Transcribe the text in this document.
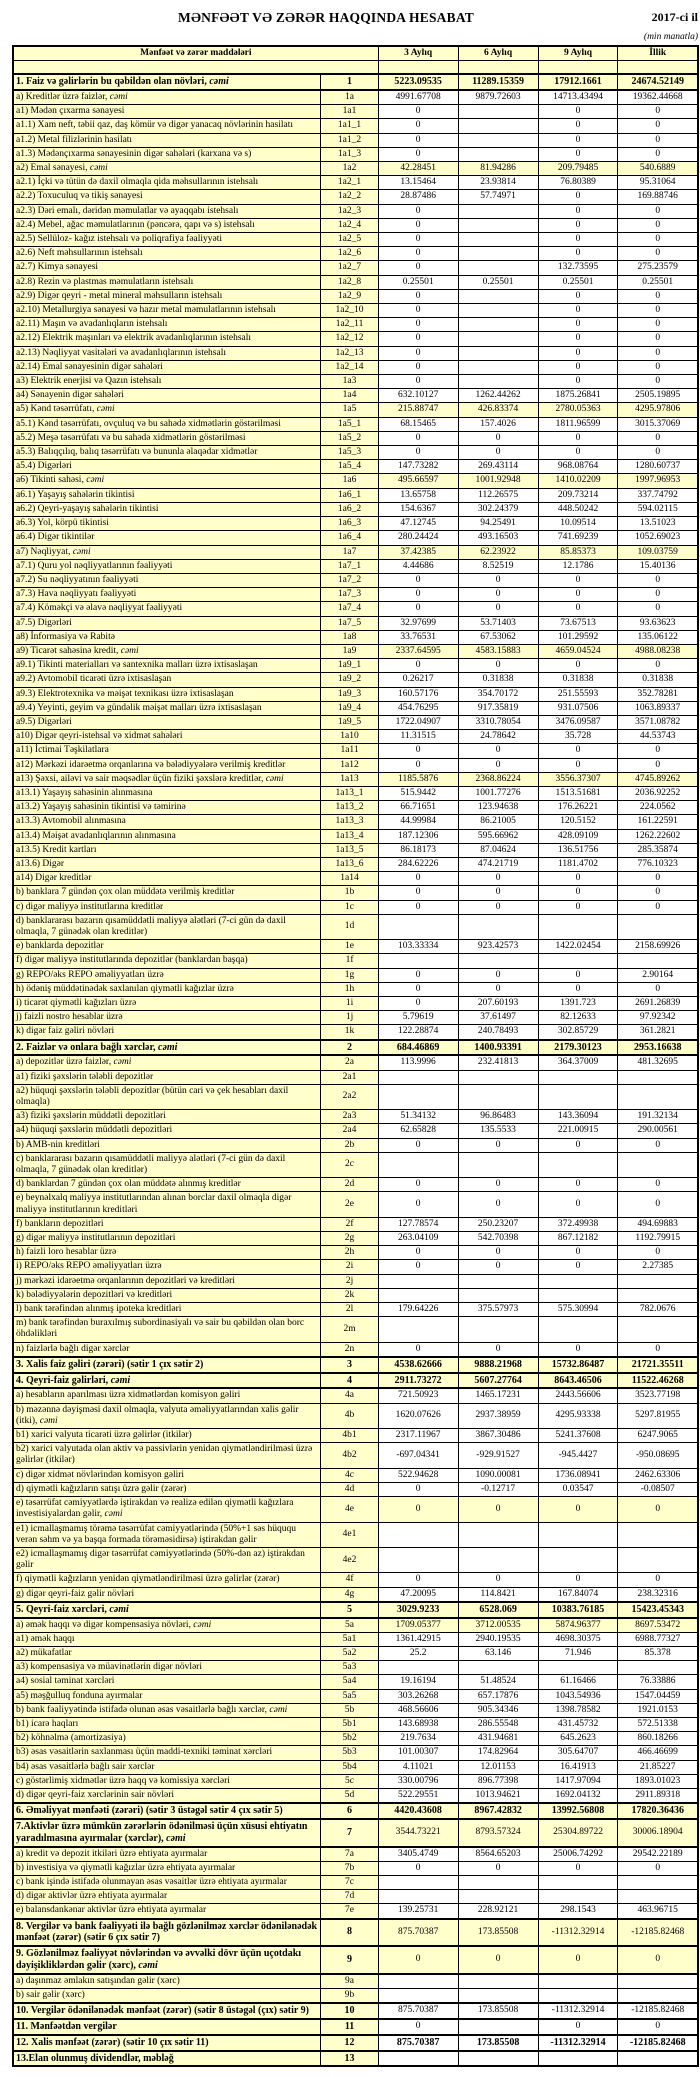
MƏNFƏƏT VƏ ZƏRƏR HAQQINDA HESABAT	2017-ci il
(min manatla)
Mənfəət və zərər maddələri		3 Aylıq	6 Aylıq	9 Aylıq	İllik

1. Faiz və gəlirlərin bu qəbildən olan növləri, cəmi	1	5223.09535	11289.15359	17912.1661	24674.52149
a) Kreditlər üzrə faizlər, cəmi	1a	4991.67708	9879.72603	14713.43494	19362.44668
a1) Mədən çıxarma sənayesi	1a1	0		0	0
a1.1) Xam neft, təbii qaz, daş kömür və digər yanacaq növlərinin hasilatı	1a1_1	0		0	0
a1.2) Metal filizlərinin hasilatı	1a1_2	0		0	0
a1.3) Mədənçıxarma sənayesinin digər sahələri (karxana və s)	1a1_3	0		0	0
a2) Emal sənayesi, cəmi	1a2	42.28451	81.94286	209.79485	540.6889
a2.1) İçki və tütün də daxil olmaqla qida məhsullarının istehsalı	1a2_1	13.15464	23.93814	76.80389	95.31064
a2.2) Toxuculuq və tikiş sənayesi	1a2_2	28.87486	57.74971	0	169.88746
a2.3) Dəri emalı, dəridən məmulatlar və ayaqqabı istehsalı	1a2_3	0		0	0
a2.4) Mebel, ağac məmulatlarının (pəncərə, qapı və s) istehsalı	1a2_4	0		0	0
a2.5) Sellüloz- kağız istehsalı və poliqrafiya fəaliyyəti	1a2_5	0		0	0
a2.6) Neft məhsullarının istehsalı	1a2_6	0		0	0
a2.7) Kimya sənayesi	1a2_7	0		132.73595	275.23579
a2.8) Rezin və plastmas məmulatların istehsalı	1a2_8	0.25501	0.25501	0.25501	0.25501
a2.9) Digər qeyri - metal mineral məhsulların istehsalı	1a2_9	0		0	0
a2.10) Metallurgiya sənayesi və hazır metal məmulatlarının istehsalı	1a2_10	0		0	0
a2.11) Maşın və avadanlıqların istehsalı	1a2_11	0		0	0
a2.12) Elektrik maşınları və elektrik avadanlıqlarının istehsalı	1a2_12	0		0	0
a2.13) Nəqliyyat vasitələri və avadanlıqlarının istehsalı	1a2_13	0		0	0
a2.14) Emal sənayesinin digər sahələri	1a2_14	0		0	0
a3) Elektrik enerjisi və Qazın istehsalı	1a3	0		0	0
a4) Sənayenin digər sahələri	1a4	632.10127	1262.44262	1875.26841	2505.19895
a5) Kənd təsərrüfatı, cəmi	1a5	215.88747	426.83374	2780.05363	4295.97806
a5.1) Kənd təsərrüfatı, ovçuluq və bu sahədə xidmətlərin göstərilməsi	1a5_1	68.15465	157.4026	1811.96599	3015.37069
a5.2) Meşə təsərrüfatı və bu sahədə xidmətlərin göstərilməsi	1a5_2	0	0	0	0
a5.3) Balıqçılıq, balıq təsərrüfatı və bununla əlaqədar xidmətlər	1a5_3	0	0	0	0
a5.4) Digərləri	1a5_4	147.73282	269.43114	968.08764	1280.60737
a6) Tikinti sahəsi, cəmi	1a6	495.66597	1001.92948	1410.02209	1997.96953
a6.1) Yaşayış sahələrin tikintisi	1a6_1	13.65758	112.26575	209.73214	337.74792
a6.2) Qeyri-yaşayış sahələrin tikintisi	1a6_2	154.6367	302.24379	448.50242	594.02115
a6.3) Yol, körpü tikintisi	1a6_3	47.12745	94.25491	10.09514	13.51023
a6.4) Digər tikintilər	1a6_4	280.24424	493.16503	741.69239	1052.69023
a7) Nəqliyyat, cəmi	1a7	37.42385	62.23922	85.85373	109.03759
a7.1) Quru yol nəqliyyatlarının fəaliyyəti	1a7_1	4.44686	8.52519	12.1786	15.40136
a7.2) Su nəqliyyatının fəaliyyəti	1a7_2	0	0	0	0
a7.3) Hava nəqliyyatı fəaliyyəti	1a7_3	0	0	0	0
a7.4) Köməkçi və əlavə nəqliyyat fəaliyyəti	1a7_4	0	0	0	0
a7.5) Digərləri	1a7_5	32.97699	53.71403	73.67513	93.63623
a8) İnformasiya və Rabitə	1a8	33.76531	67.53062	101.29592	135.06122
a9) Ticarət sahəsinə kredit, cəmi	1a9	2337.64595	4583.15883	4659.04524	4988.08238
a9.1) Tikinti materialları və santexnika malları üzrə ixtisaslaşan	1a9_1	0	0	0	0
a9.2) Avtomobil ticarəti üzrə ixtisaslaşan	1a9_2	0.26217	0.31838	0.31838	0.31838
a9.3) Elektrotexnika və məişət texnikası üzrə ixtisaslaşan	1a9_3	160.57176	354.70172	251.55593	352.78281
a9.4) Yeyinti, geyim və gündəlik məişət malları üzrə ixtisaslaşan	1a9_4	454.76295	917.35819	931.07506	1063.89337
a9.5) Digərləri	1a9_5	1722.04907	3310.78054	3476.09587	3571.08782
a10) Digər qeyri-istehsal və xidmət sahələri	1a10	11.31515	24.78642	35.728	44.53743
a11) İctimai Təşkilatlara	1a11	0	0	0	0
a12) Mərkəzi idarəetmə orqanlarına və bələdiyyələrə verilmiş kreditlər	1a12	0	0	0	0
a13) Şəxsi, ailəvi və sair məqsədlər üçün fiziki şəxslərə kreditlər, cəmi	1a13	1185.5876	2368.86224	3556.37307	4745.89262
a13.1) Yaşayış sahəsinin alınmasına	1a13_1	515.9442	1001.77276	1513.51681	2036.92252
a13.2) Yaşayış sahəsinin tikintisi və təmirinə	1a13_2	66.71651	123.94638	176.26221	224.0562
a13.3) Avtomobil alınmasına	1a13_3	44.99984	86.21005	120.5152	161.22591
a13.4) Məişət avadanlıqlarının alınmasına	1a13_4	187.12306	595.66962	428.09109	1262.22602
a13.5) Kredit kartları	1a13_5	86.18173	87.04624	136.51756	285.35874
a13.6) Digər	1a13_6	284.62226	474.21719	1181.4702	776.10323
a14) Digər kreditlər	1a14	0	0	0	0
b) banklara 7 gündən çox olan müddətə verilmiş kreditlər	1b	0	0	0	0
c) digər maliyyə institutlarına kreditlər	1c	0	0	0	0
d) banklararası bazarın qısamüddətli maliyyə alətləri (7-ci gün də daxil olmaqla, 7 günədək olan kreditlər)	1d				
e) banklarda depozitlər	1e	103.33334	923.42573	1422.02454	2158.69926
f) digər maliyyə institutlarında depozitlər (banklardan başqa)	1f				
g) REPO/əks REPO əməliyyatları üzrə	1g	0	0	0	2.90164
h) ödəniş müddətinədək saxlanılan qiymətli kağızlar üzrə	1h	0	0	0	0
i) ticarət qiymətli kağızları üzrə	1i	0	207.60193	1391.723	2691.26839
j) faizli nostro hesablar üzrə	1j	5.79619	37.61497	82.12633	97.92342
k) digər faiz gəliri növləri	1k	122.28874	240.78493	302.85729	361.2821
2. Faizlər və onlara bağlı xərclər, cəmi	2	684.46869	1400.93391	2179.30123	2953.16638
a) depozitlər üzrə faizlər, cəmi	2a	113.9996	232.41813	364.37009	481.32695
a1) fiziki şəxslərin tələbli depozitlər	2a1				
a2) hüquqi şəxslərin tələbli depozitlər (bütün cari və çek hesabları daxil olmaqla)	2a2				
a3) fiziki şəxslərin müddətli depozitləri	2a3	51.34132	96.86483	143.36094	191.32134
a4) hüquqi şəxslərin müddətli depozitləri	2a4	62.65828	135.5533	221.00915	290.00561
b) AMB-nin kreditləri	2b	0	0	0	0
c) banklararası bazarın qısamüddətli maliyyə alətləri (7-ci gün də daxil olmaqla, 7 günədək olan kreditlər)	2c				
d) banklardan 7 gündən çox olan müddətə alınmış kreditlər	2d	0	0	0	0
e) beynəlxalq maliyyə institutlarından alınan borclar daxil olmaqla digər maliyyə institutlarının kreditləri	2e	0	0	0	0
f) bankların depozitləri	2f	127.78574	250.23207	372.49938	494.69883
g) digər maliyyə institutlarının depozitləri	2g	263.04109	542.70398	867.12182	1192.79915
h) faizli loro hesablar üzrə	2h	0	0	0	0
i) REPO/əks REPO əməliyyatları üzrə	2i	0	0	0	2.27385
j) mərkəzi idarəetmə orqanlarının depozitləri və kreditləri	2j				
k) bələdiyyələrin depozitləri və kreditləri	2k				
l) bank tərəfindən alınmış ipoteka kreditləri	2l	179.64226	375.57973	575.30994	782.0676
m) bank tərəfindən buraxılmış subordinasiyalı və sair bu qəbildən olan borc öhdəlikləri	2m				
n) faizlərlə bağlı digər xərclər	2n	0	0	0	0
3. Xalis faiz gəliri (zərəri) (sətir 1 çıx sətir 2)	3	4538.62666	9888.21968	15732.86487	21721.35511
4. Qeyri-faiz gəlirləri, cəmi	4	2911.73272	5607.27764	8643.46506	11522.46268
a) hesabların aparılması üzrə xidmətlərdən komisyon gəliri	4a	721.50923	1465.17231	2443.56606	3523.77198
b) məzənnə dəyişməsi daxil olmaqla, valyuta əməliyyatlarından xalis gəlir (itki), cəmi	4b	1620.07626	2937.38959	4295.93338	5297.81955
b1) xarici valyuta ticarəti üzrə gəlirlər (itkilər)	4b1	2317.11967	3867.30486	5241.37608	6247.9065
b2) xarici valyutada olan aktiv və passivlərin yenidən qiymətləndirilməsi üzrə gəlirlər (itkilər)	4b2	-697.04341	-929.91527	-945.4427	-950.08695
c) digər xidmət növlərindən komisyon gəliri	4c	522.94628	1090.00081	1736.08941	2462.63306
d) qiymətli kağızların satışı üzrə gəlir (zərər)	4d	0	-0.12717	0.03547	-0.08507
e) təsərrüfat cəmiyyətlərdə iştirakdan və realizə edilən qiymətli kağızlara investisiyalardan gəlir, cəmi	4e	0	0	0	0
e1) icmallaşmamış törəmə təsərrüfat cəmiyyətlərində (50%+1 səs hüququ verən səhm və ya başqa formada törəməsidirsə) iştirakdan gəlir	4e1				
e2) icmallaşmamış digər təsərrüfat cəmiyyətlərində (50%-dən az) iştirakdan gəlir	4e2				
f) qiymətli kağızların yenidən qiymətləndirilməsi üzrə gəlirlər (zərər)	4f	0	0	0	0
g) digər qeyri-faiz gəlir növləri	4g	47.20095	114.8421	167.84074	238.32316
5. Qeyri-faiz xərcləri, cəmi	5	3029.9233	6528.069	10383.76185	15423.45343
a) əmək haqqı və digər kompensasiya növləri, cəmi	5a	1709.05377	3712.00535	5874.96377	8697.53472
a1) əmək haqqı	5a1	1361.42915	2940.19535	4698.30375	6988.77327
a2) mükafatlar	5a2	25.2	63.146	71.946	85.378
a3) kompensasiya və müavinətlərin digər növləri	5a3				
a4) sosial təminat xərcləri	5a4	19.16194	51.48524	61.16466	76.33886
a5) məşğulluq fonduna ayırmalar	5a5	303.26268	657.17876	1043.54936	1547.04459
b) bank fəaliyyətində istifadə olunan əsas vəsaitlərlə bağlı xərclər, cəmi	5b	468.56606	905.34346	1398.78582	1921.0153
b1) icarə haqları	5b1	143.68938	286.55548	431.45732	572.51338
b2) köhnəlmə (amortizasiya)	5b2	219.7634	431.94681	645.2623	860.18266
b3) əsas vəsaitlərin saxlanması üçün maddi-texniki təminat xərcləri	5b3	101.00307	174.82964	305.64707	466.46699
b4) əsas vəsaitlərlə bağlı sair xərclər	5b4	4.11021	12.01153	16.41913	21.85227
c) göstərlimiş xidmətlər üzrə haqq və komissiya xərcləri	5c	330.00796	896.77398	1417.97094	1893.01023
d) digər qeyri-faiz xərclərinin sair növləri	5d	522.29551	1013.94621	1692.04132	2911.89318
6. Əməliyyat mənfəəti (zərəri) (sətir 3 üstəgəl sətir 4 çıx sətir 5)	6	4420.43608	8967.42832	13992.56808	17820.36436
7.Aktivlər üzrə mümkün zərərlərin ödənilməsi üçün xüsusi ehtiyatın yaradılmasına ayırmalar (xərclər), cəmi	7	3544.73221	8793.57324	25304.89722	30006.18904
a) kredit və depozit itkiləri üzrə ehtiyata ayırmalar	7a	3405.4749	8564.65203	25006.74292	29542.22189
b) investisiya və qiymətli kağızlar üzrə ehtiyata ayırmalar	7b	0	0	0	0
c) bank işində istifadə olunmayan əsas vəsaitlər üzrə ehtiyata ayırmalar	7c				
d) digər aktivlər üzrə ehtiyata ayırmalar	7d				
e) balansdankənar aktivlər üzrə ehtiyata ayırmalar	7e	139.25731	228.92121	298.1543	463.96715
8. Vergilər və bank fəaliyyəti ilə bağlı gözlənilməz xərclər ödənilənədək mənfəət (zərər) (sətir 6 çıx sətir 7)	8	875.70387	173.85508	-11312.32914	-12185.82468
9. Gözlənilməz fəaliyyət növlərindən və əvvəlki dövr üçün uçotdakı dəyişikliklərdən gəlir (xərc), cəmi	9	0	0	0	0
a) daşınmaz əmlakın satışından gəlir (xərc)	9a				
b) sair gəlir (xərc)	9b				
10. Vergilər ödənilənədək mənfəət (zərər) (sətir 8 üstəgəl (çıx) sətir 9)	10	875.70387	173.85508	-11312.32914	-12185.82468
11. Mənfəətdən vergilər	11	0		0	0
12. Xalis mənfəət (zərər) (sətir 10 çıx sətir 11)	12	875.70387	173.85508	-11312.32914	-12185.82468
13.Elan olunmuş dividendlər, məbləğ	13				
